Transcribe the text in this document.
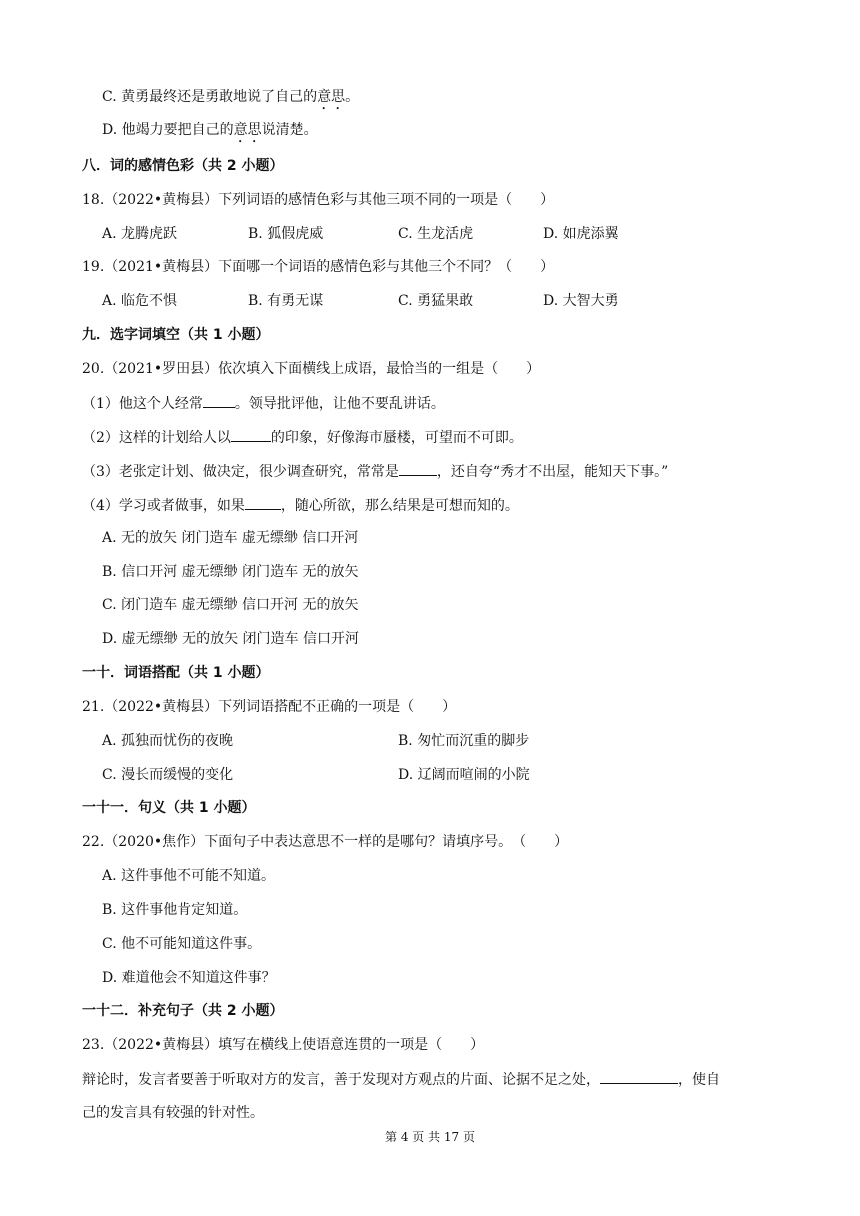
C. 黄勇最终还是勇敢地说了自己的意思。
D. 他竭力要把自己的意思说清楚。
八．词的感情色彩（共 2 小题）
18.（2022•黄梅县）下列词语的感情色彩与其他三项不同的一项是（　　）
A. 龙腾虎跃	B. 狐假虎威	C. 生龙活虎	D. 如虎添翼
19.（2021•黄梅县）下面哪一个词语的感情色彩与其他三个不同？（　　）
A. 临危不惧	B. 有勇无谋	C. 勇猛果敢	D. 大智大勇
九．选字词填空（共 1 小题）
20.（2021•罗田县）依次填入下面横线上成语，最恰当的一组是（　　）
（1）他这个人经常 。领导批评他，让他不要乱讲话。
（2）这样的计划给人以	的印象，好像海市蜃楼，可望而不可即。
（3）老张定计划、做决定，很少调查研究，常常是	，还自夸“秀才不出屋，能知天下事。”
（4）学习或者做事，如果	，随心所欲，那么结果是可想而知的。
A. 无的放矢 闭门造车 虚无缥缈 信口开河
B. 信口开河 虚无缥缈 闭门造车 无的放矢
C. 闭门造车 虚无缥缈 信口开河 无的放矢
D. 虚无缥缈 无的放矢 闭门造车 信口开河
一十．词语搭配（共 1 小题）
21.（2022•黄梅县）下列词语搭配不正确的一项是（　　）
A. 孤独而忧伤的夜晚	B. 匆忙而沉重的脚步
C. 漫长而缓慢的变化	D. 辽阔而喧闹的小院
一十一．句义（共 1 小题）
22.（2020•焦作）下面句子中表达意思不一样的是哪句？请填序号。　（　　）
A. 这件事他不可能不知道。
B. 这件事他肯定知道。
C. 他不可能知道这件事。
D. 难道他会不知道这件事？
一十二．补充句子（共 2 小题）
23.（2022•黄梅县）填写在横线上使语意连贯的一项是（　　）
辩论时，发言者要善于听取对方的发言，善于发现对方观点的片面、论据不足之处，	，使自
己的发言具有较强的针对性。
第 4 页 共 17 页
